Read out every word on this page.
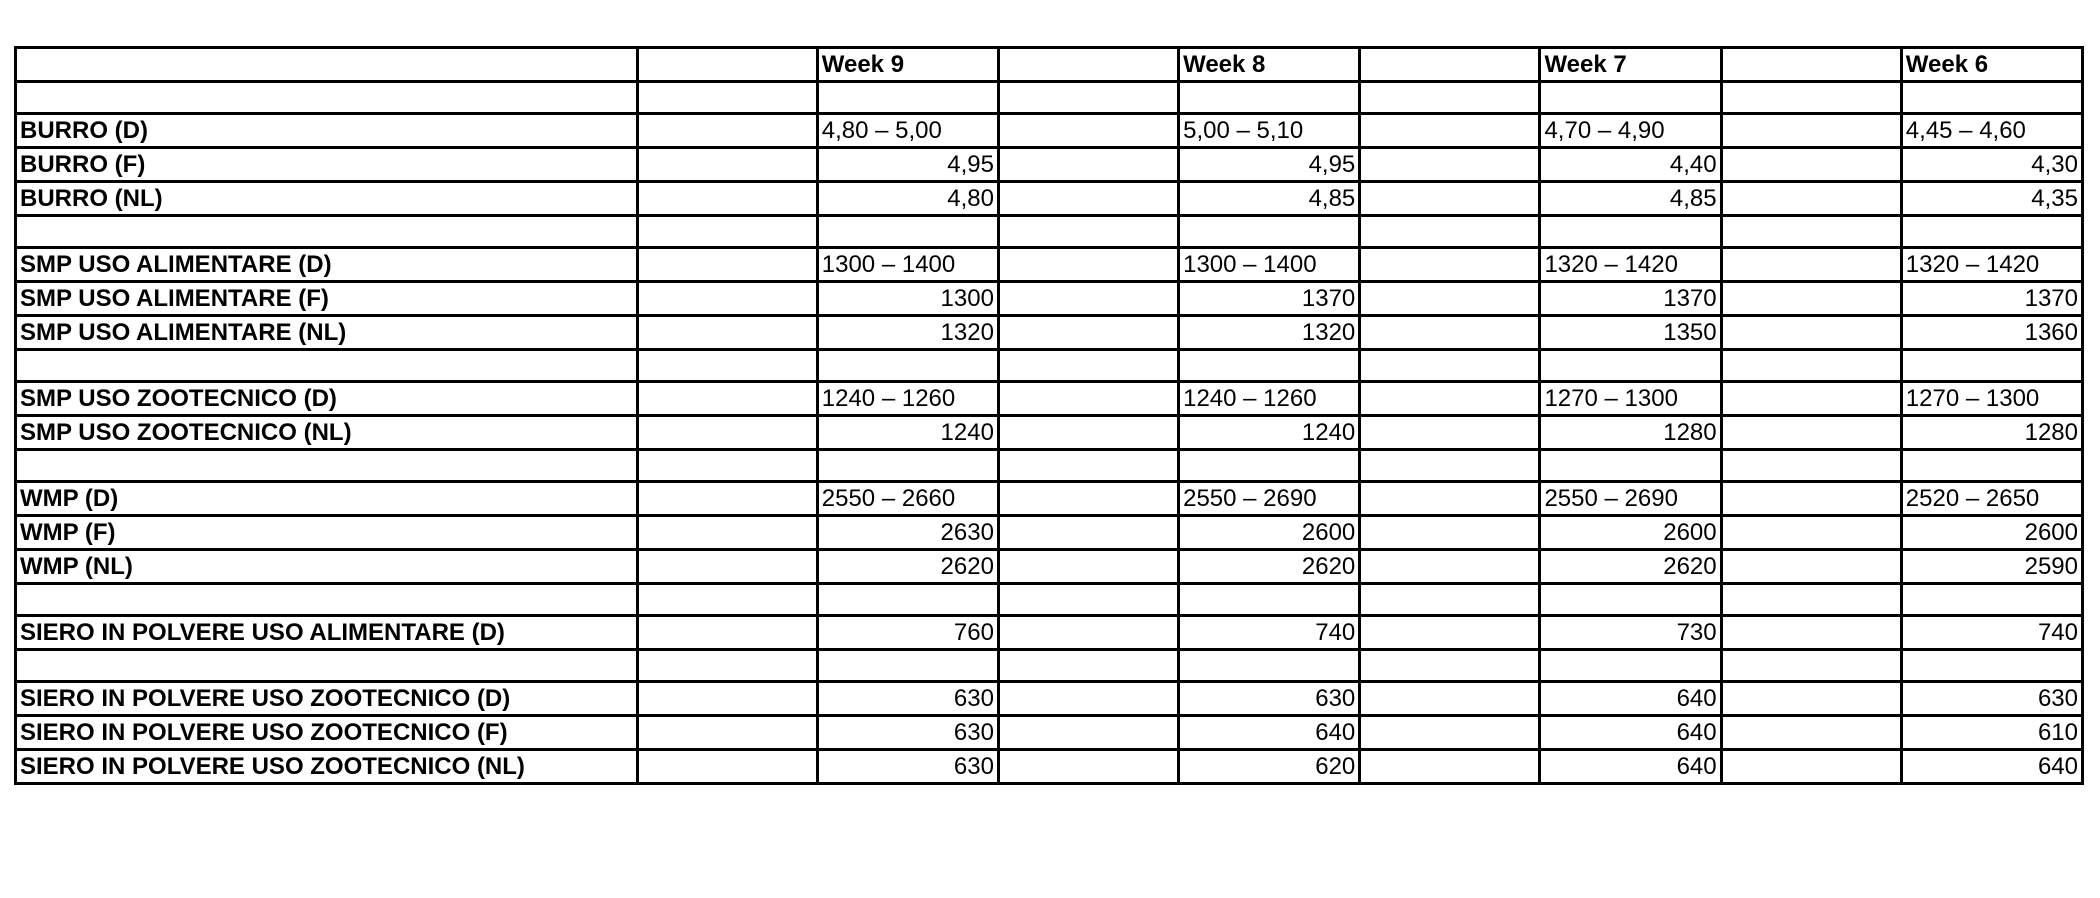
		Week 9		Week 8		Week 7		Week 6

BURRO (D)		4,80 – 5,00		5,00 – 5,10		4,70 – 4,90		4,45 – 4,60
BURRO (F)		4,95		4,95		4,40		4,30
BURRO (NL)		4,80		4,85		4,85		4,35

SMP USO ALIMENTARE (D)		1300 – 1400		1300 – 1400		1320 – 1420		1320 – 1420
SMP USO ALIMENTARE (F)		1300		1370		1370		1370
SMP USO ALIMENTARE (NL)		1320		1320		1350		1360

SMP USO ZOOTECNICO (D)		1240 – 1260		1240 – 1260		1270 – 1300		1270 – 1300
SMP USO ZOOTECNICO (NL)		1240		1240		1280		1280

WMP (D)		2550 – 2660		2550 – 2690		2550 – 2690		2520 – 2650
WMP (F)		2630		2600		2600		2600
WMP (NL)		2620		2620		2620		2590

SIERO IN POLVERE USO ALIMENTARE (D)		760		740		730		740

SIERO IN POLVERE USO ZOOTECNICO (D)		630		630		640		630
SIERO IN POLVERE USO ZOOTECNICO (F)		630		640		640		610
SIERO IN POLVERE USO ZOOTECNICO (NL)		630		620		640		640
